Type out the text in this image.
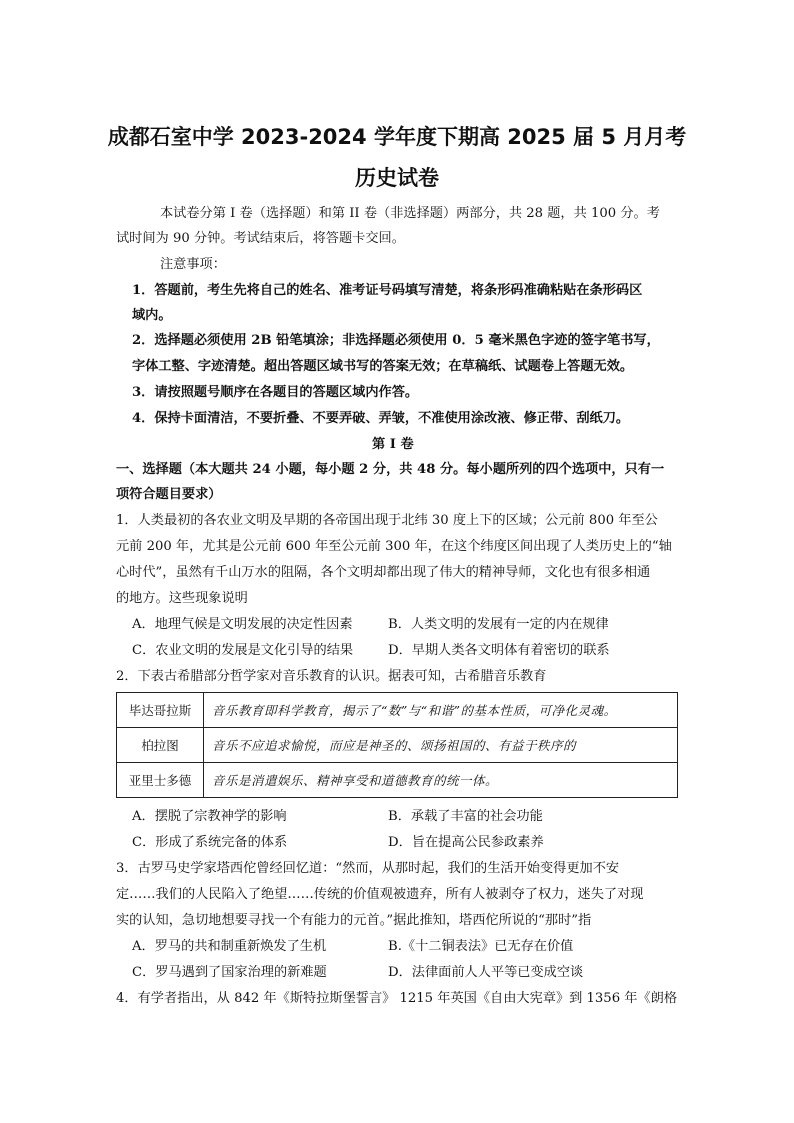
成都石室中学 2023-2024 学年度下期高 2025 届 5 月月考
历史试卷
本试卷分第 I 卷（选择题）和第 II 卷（非选择题）两部分，共 28 题，共 100 分。考
试时间为 90 分钟。考试结束后，将答题卡交回。
注意事项：
1．答题前，考生先将自己的姓名、准考证号码填写清楚，将条形码准确粘贴在条形码区
域内。
2．选择题必须使用 2B 铅笔填涂；非选择题必须使用 0．5 毫米黑色字迹的签字笔书写，
字体工整、字迹清楚。超出答题区域书写的答案无效；在草稿纸、试题卷上答题无效。
3．请按照题号顺序在各题目的答题区域内作答。
4．保持卡面清洁，不要折叠、不要弄破、弄皱，不准使用涂改液、修正带、刮纸刀。
第 Ⅰ 卷
一、选择题（本大题共 24 小题，每小题 2 分，共 48 分。每小题所列的四个选项中，只有一
项符合题目要求）
1．人类最初的各农业文明及早期的各帝国出现于北纬 30 度上下的区域；公元前 800 年至公
元前 200 年，尤其是公元前 600 年至公元前 300 年，在这个纬度区间出现了人类历史上的“轴
心时代”，虽然有千山万水的阻隔，各个文明却都出现了伟大的精神导师，文化也有很多相通
的地方。这些现象说明
A．地理气候是文明发展的决定性因素	B．人类文明的发展有一定的内在规律
C．农业文明的发展是文化引导的结果	D．早期人类各文明体有着密切的联系
2．下表古希腊部分哲学家对音乐教育的认识。据表可知，古希腊音乐教育
毕达哥拉斯	音乐教育即科学教育，揭示了“数”与“和谐”的基本性质，可净化灵魂。
柏拉图	音乐不应追求愉悦，而应是神圣的、颂扬祖国的、有益于秩序的
亚里士多德	音乐是消遣娱乐、精神享受和道德教育的统一体。
A．摆脱了宗教神学的影响	B．承载了丰富的社会功能
C．形成了系统完备的体系	D．旨在提高公民参政素养
3．古罗马史学家塔西佗曾经回忆道：“然而，从那时起，我们的生活开始变得更加不安
定……我们的人民陷入了绝望……传统的价值观被遗弃，所有人被剥夺了权力，迷失了对现
实的认知，急切地想要寻找一个有能力的元首。”据此推知，塔西佗所说的“那时”指
A．罗马的共和制重新焕发了生机	B.《十二铜表法》已无存在价值
C．罗马遇到了国家治理的新难题	D．法律面前人人平等已变成空谈
4．有学者指出，从 842 年《斯特拉斯堡誓言》 1215 年英国《自由大宪章》到 1356 年《朗格
